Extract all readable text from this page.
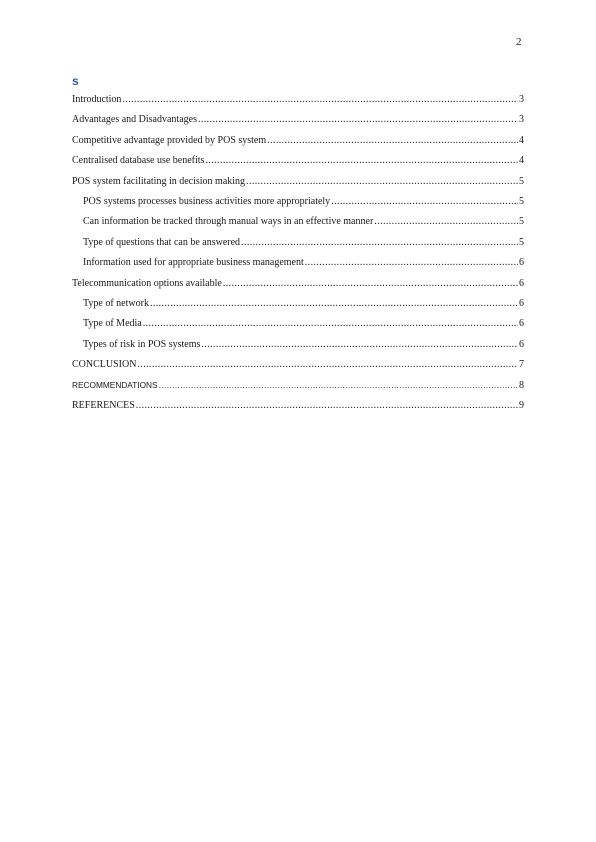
2
s
Introduction .....	3
Advantages and Disadvantages .....	3
Competitive advantage provided by POS system .....	4
Centralised database use benefits .....	4
POS system facilitating in decision making .....	5
POS systems processes business activities more appropriately .....	5
Can information be tracked through manual ways in an effective manner .....	5
Type of questions that can be answered .....	5
Information used for appropriate business management .....	6
Telecommunication options available .....	6
Type of network .....	6
Type of Media .....	6
Types of risk in POS systems .....	6
CONCLUSION .....	7
RECOMMENDATIONS .....	8
REFERENCES .....	9
